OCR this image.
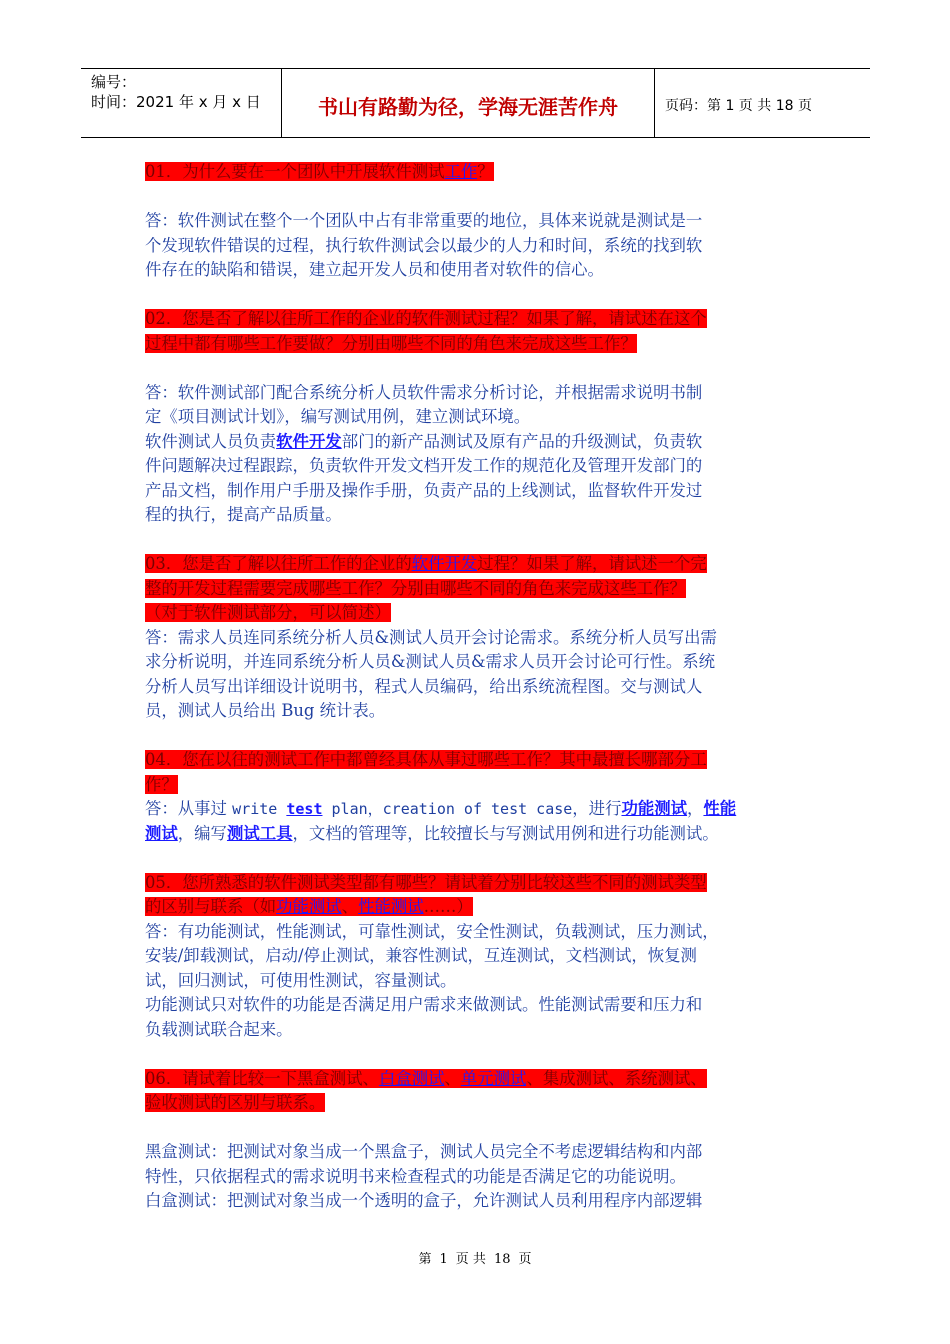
编号：
时间：2021 年 x 月 x 日	书山有路勤为径，学海无涯苦作舟	页码：第 1 页 共 18 页
01．为什么要在一个团队中开展软件测试工作？
答：软件测试在整个一个团队中占有非常重要的地位，具体来说就是测试是一
个发现软件错误的过程，执行软件测试会以最少的人力和时间，系统的找到软
件存在的缺陷和错误，建立起开发人员和使用者对软件的信心。
02．您是否了解以往所工作的企业的软件测试过程？如果了解，请试述在这个
过程中都有哪些工作要做？分别由哪些不同的角色来完成这些工作？
答：软件测试部门配合系统分析人员软件需求分析讨论，并根据需求说明书制
定《项目测试计划》，编写测试用例，建立测试环境。
软件测试人员负责软件开发部门的新产品测试及原有产品的升级测试，负责软
件问题解决过程跟踪，负责软件开发文档开发工作的规范化及管理开发部门的
产品文档，制作用户手册及操作手册，负责产品的上线测试，监督软件开发过
程的执行，提高产品质量。
03．您是否了解以往所工作的企业的软件开发过程？如果了解，请试述一个完
整的开发过程需要完成哪些工作？分别由哪些不同的角色来完成这些工作？
（对于软件测试部分，可以简述）
答：需求人员连同系统分析人员&测试人员开会讨论需求。系统分析人员写出需
求分析说明，并连同系统分析人员&测试人员&需求人员开会讨论可行性。系统
分析人员写出详细设计说明书，程式人员编码，给出系统流程图。交与测试人
员，测试人员给出 Bug 统计表。
04．您在以往的测试工作中都曾经具体从事过哪些工作？其中最擅长哪部分工
作？
答：从事过 write test plan，creation of test case，进行功能测试，性能
测试，编写测试工具，文档的管理等，比较擅长与写测试用例和进行功能测试。
05．您所熟悉的软件测试类型都有哪些？请试着分别比较这些不同的测试类型
的区别与联系（如功能测试、性能测试……）
答：有功能测试，性能测试，可靠性测试，安全性测试，负载测试，压力测试，
安装/卸载测试，启动/停止测试，兼容性测试，互连测试，文档测试，恢复测
试，回归测试，可使用性测试，容量测试。
功能测试只对软件的功能是否满足用户需求来做测试。性能测试需要和压力和
负载测试联合起来。
06．请试着比较一下黑盒测试、白盒测试、单元测试、集成测试、系统测试、
验收测试的区别与联系。
黑盒测试：把测试对象当成一个黑盒子，测试人员完全不考虑逻辑结构和内部
特性，只依据程式的需求说明书来检查程式的功能是否满足它的功能说明。
白盒测试：把测试对象当成一个透明的盒子，允许测试人员利用程序内部逻辑
第 1 页 共 18 页
